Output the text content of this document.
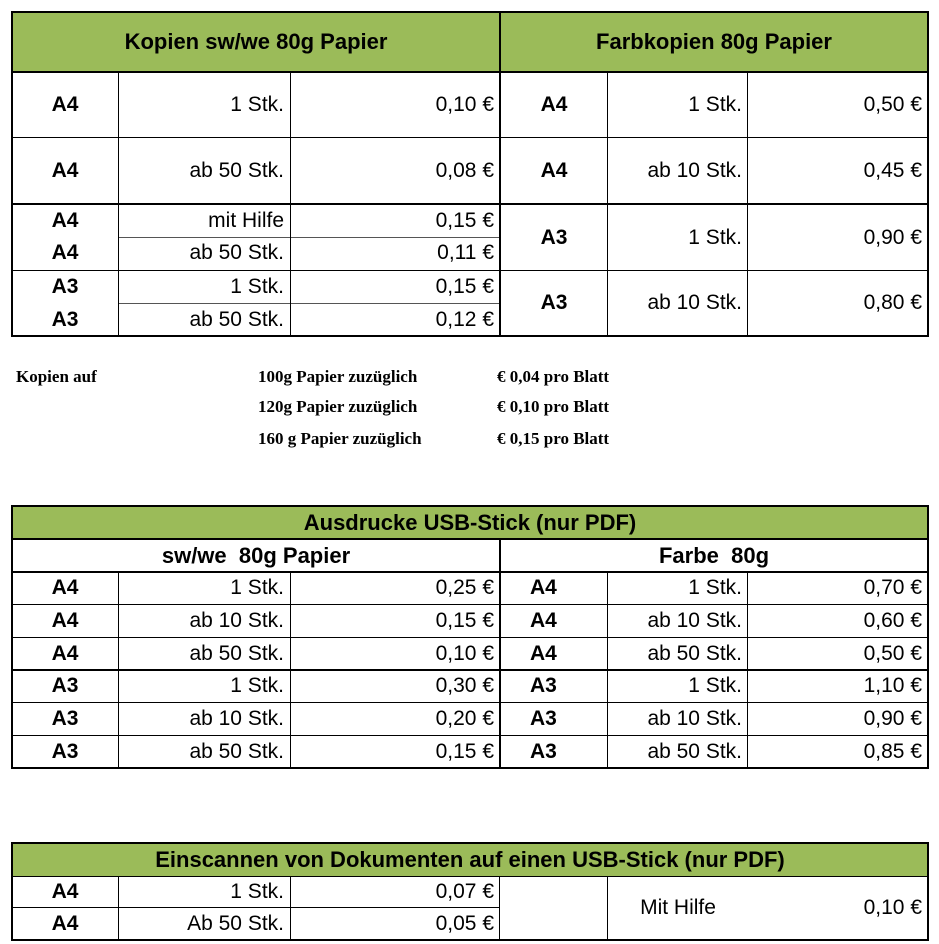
Kopien sw/we 80g Papier	Farbkopien 80g Papier
A4	1 Stk.	0,10 €
A4	ab 50 Stk.	0,08 €
A4	mit Hilfe	0,15 €
A4	ab 50 Stk.	0,11 €
A3	1 Stk.	0,15 €
A3	ab 50 Stk.	0,12 €
A4	1 Stk.	0,50 €
A4	ab 10 Stk.	0,45 €
A3	1 Stk.	0,90 €
A3	ab 10 Stk.	0,80 €
Kopien auf	100g Papier zuzüglich	€ 0,04 pro Blatt
120g Papier zuzüglich	€ 0,10 pro Blatt
160 g Papier zuzüglich	€ 0,15 pro Blatt
Ausdrucke USB-Stick (nur PDF)
sw/we  80g Papier	Farbe  80g
A4	1 Stk.	0,25 €	A4	1 Stk.	0,70 €
A4	ab 10 Stk.	0,15 €	A4	ab 10 Stk.	0,60 €
A4	ab 50 Stk.	0,10 €	A4	ab 50 Stk.	0,50 €
A3	1 Stk.	0,30 €	A3	1 Stk.	1,10 €
A3	ab 10 Stk.	0,20 €	A3	ab 10 Stk.	0,90 €
A3	ab 50 Stk.	0,15 €	A3	ab 50 Stk.	0,85 €
Einscannen von Dokumenten auf einen USB-Stick (nur PDF)
A4	1 Stk.	0,07 €
A4	Ab 50 Stk.	0,05 €
Mit Hilfe	0,10 €
